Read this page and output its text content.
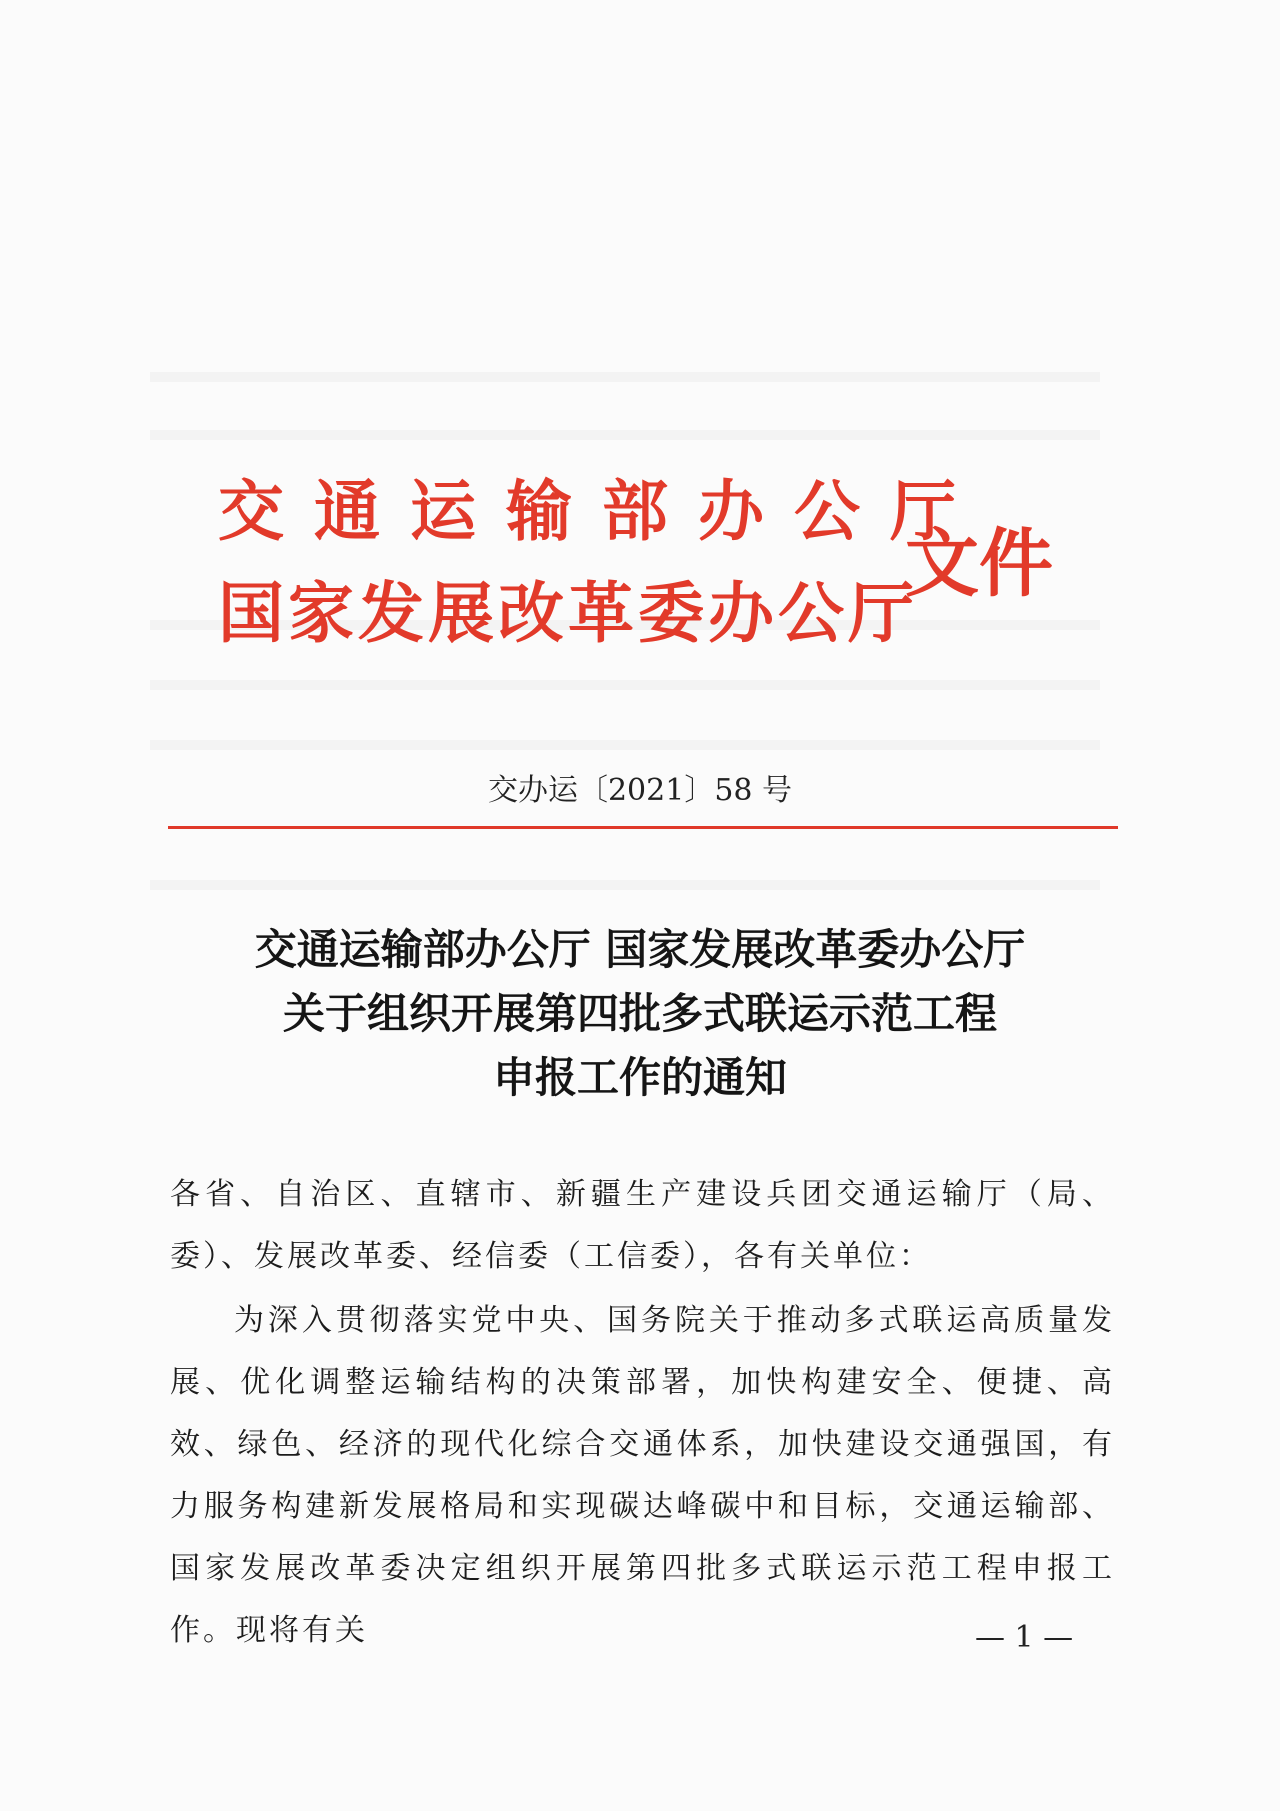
交通运输部办公厅
国家发展改革委办公厅
文件
交办运〔2021〕58 号
交通运输部办公厅 国家发展改革委办公厅
关于组织开展第四批多式联运示范工程
申报工作的通知
各省、自治区、直辖市、新疆生产建设兵团交通运输厅（局、委）、发展改革委、经信委（工信委），各有关单位：
为深入贯彻落实党中央、国务院关于推动多式联运高质量发展、优化调整运输结构的决策部署，加快构建安全、便捷、高效、绿色、经济的现代化综合交通体系，加快建设交通强国，有力服务构建新发展格局和实现碳达峰碳中和目标，交通运输部、国家发展改革委决定组织开展第四批多式联运示范工程申报工作。现将有关	— 1 —
